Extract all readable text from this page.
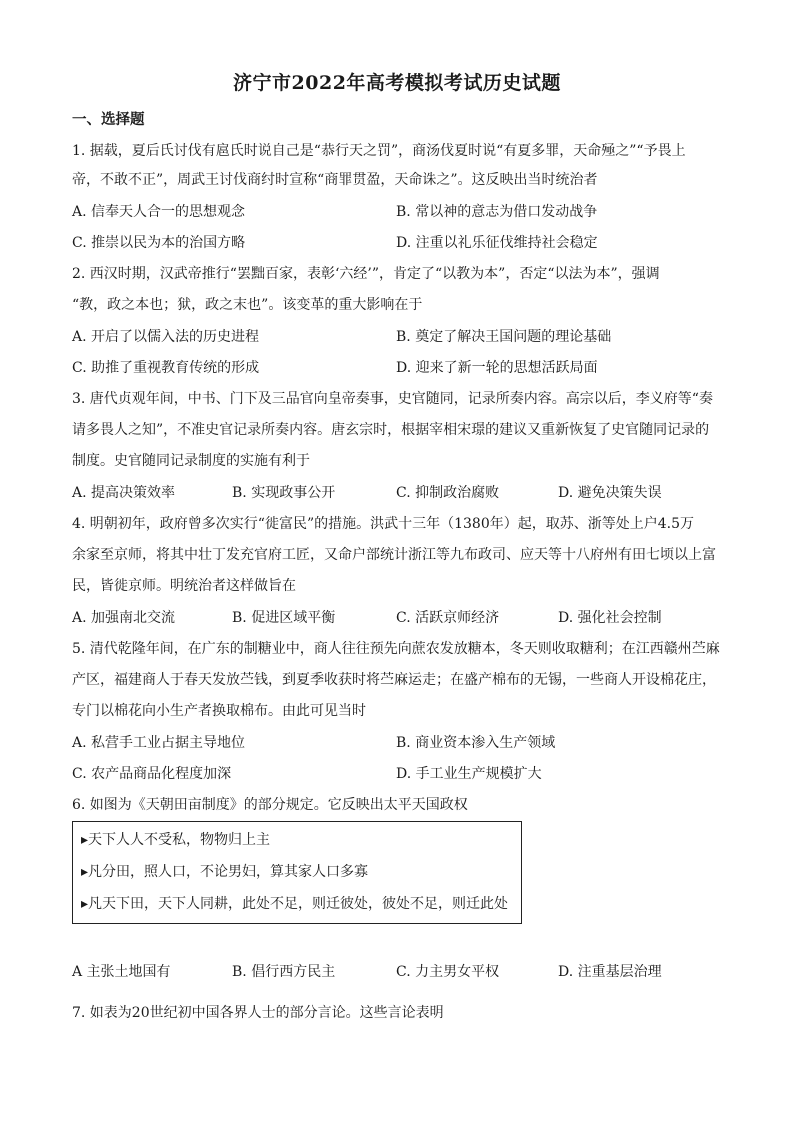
济宁市2022年高考模拟考试历史试题
一、选择题
1. 据载，夏后氏讨伐有扈氏时说自己是“恭行天之罚”，商汤伐夏时说“有夏多罪，天命殛之”“予畏上
帝，不敢不正”，周武王讨伐商纣时宣称“商罪贯盈，天命诛之”。这反映出当时统治者
A. 信奉天人合一的思想观念	B. 常以神的意志为借口发动战争
C. 推崇以民为本的治国方略	D. 注重以礼乐征伐维持社会稳定
2. 西汉时期，汉武帝推行“罢黜百家，表彰‘六经’”，肯定了“以教为本”，否定“以法为本”，强调
“教，政之本也；狱，政之末也”。该变革的重大影响在于
A. 开启了以儒入法的历史进程	B. 奠定了解决王国问题的理论基础
C. 助推了重视教育传统的形成	D. 迎来了新一轮的思想活跃局面
3. 唐代贞观年间，中书、门下及三品官向皇帝奏事，史官随同，记录所奏内容。高宗以后，李义府等“奏
请多畏人之知”，不准史官记录所奏内容。唐玄宗时，根据宰相宋璟的建议又重新恢复了史官随同记录的
制度。史官随同记录制度的实施有利于
A. 提高决策效率	B. 实现政事公开	C. 抑制政治腐败	D. 避免决策失误
4. 明朝初年，政府曾多次实行“徙富民”的措施。洪武十三年（1380年）起，取苏、浙等处上户4.5万
余家至京师，将其中壮丁发充官府工匠，又命户部统计浙江等九布政司、应天等十八府州有田七顷以上富
民，皆徙京师。明统治者这样做旨在
A. 加强南北交流	B. 促进区域平衡	C. 活跃京师经济	D. 强化社会控制
5. 清代乾隆年间，在广东的制糖业中，商人往往预先向蔗农发放糖本，冬天则收取糖利；在江西赣州苎麻
产区，福建商人于春天发放苎钱，到夏季收获时将苎麻运走；在盛产棉布的无锡，一些商人开设棉花庄，
专门以棉花向小生产者换取棉布。由此可见当时
A. 私营手工业占据主导地位	B. 商业资本渗入生产领域
C. 农产品商品化程度加深	D. 手工业生产规模扩大
6. 如图为《天朝田亩制度》的部分规定。它反映出太平天国政权
▸天下人人不受私，物物归上主
▸凡分田，照人口，不论男妇，算其家人口多寡
▸凡天下田，天下人同耕，此处不足，则迁彼处，彼处不足，则迁此处
A 主张土地国有	B. 倡行西方民主	C. 力主男女平权	D. 注重基层治理
7. 如表为20世纪初中国各界人士的部分言论。这些言论表明
